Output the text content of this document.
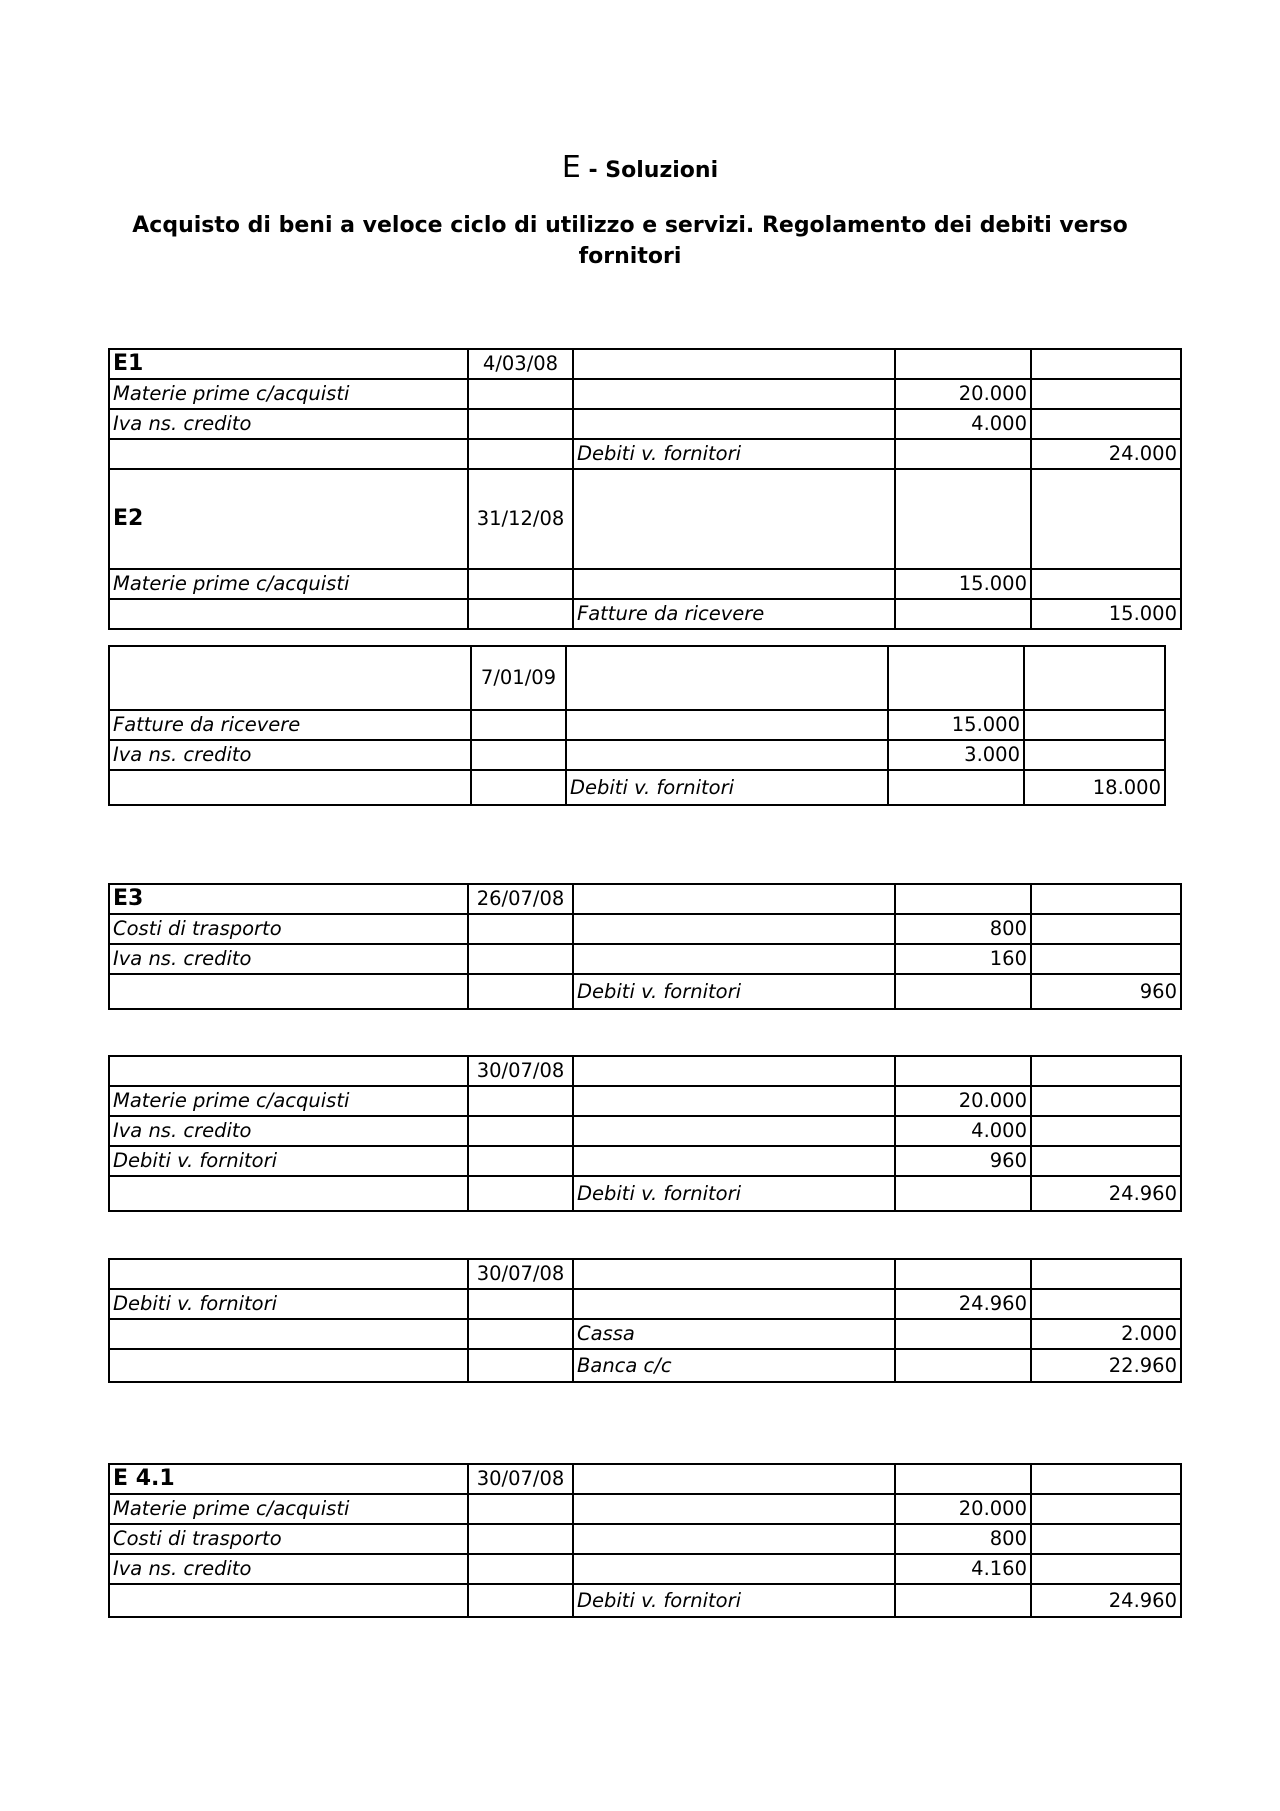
E - Soluzioni
Acquisto di beni a veloce ciclo di utilizzo e servizi. Regolamento dei debiti verso fornitori
E1	4/03/08			
Materie prime c/acquisti			20.000	
Iva ns. credito			4.000	
		Debiti v. fornitori		24.000
E2	31/12/08			
Materie prime c/acquisti			15.000	
		Fatture da ricevere		15.000
	7/01/09			
Fatture da ricevere			15.000	
Iva ns. credito			3.000	
		Debiti v. fornitori		18.000
E3	26/07/08			
Costi di trasporto			800	
Iva ns. credito			160	
		Debiti v. fornitori		960
	30/07/08			
Materie prime c/acquisti			20.000	
Iva ns. credito			4.000	
Debiti v. fornitori			960	
		Debiti v. fornitori		24.960
	30/07/08			
Debiti v. fornitori			24.960	
		Cassa		2.000
		Banca c/c		22.960
E 4.1	30/07/08			
Materie prime c/acquisti			20.000	
Costi di trasporto			800	
Iva ns. credito			4.160	
		Debiti v. fornitori		24.960
